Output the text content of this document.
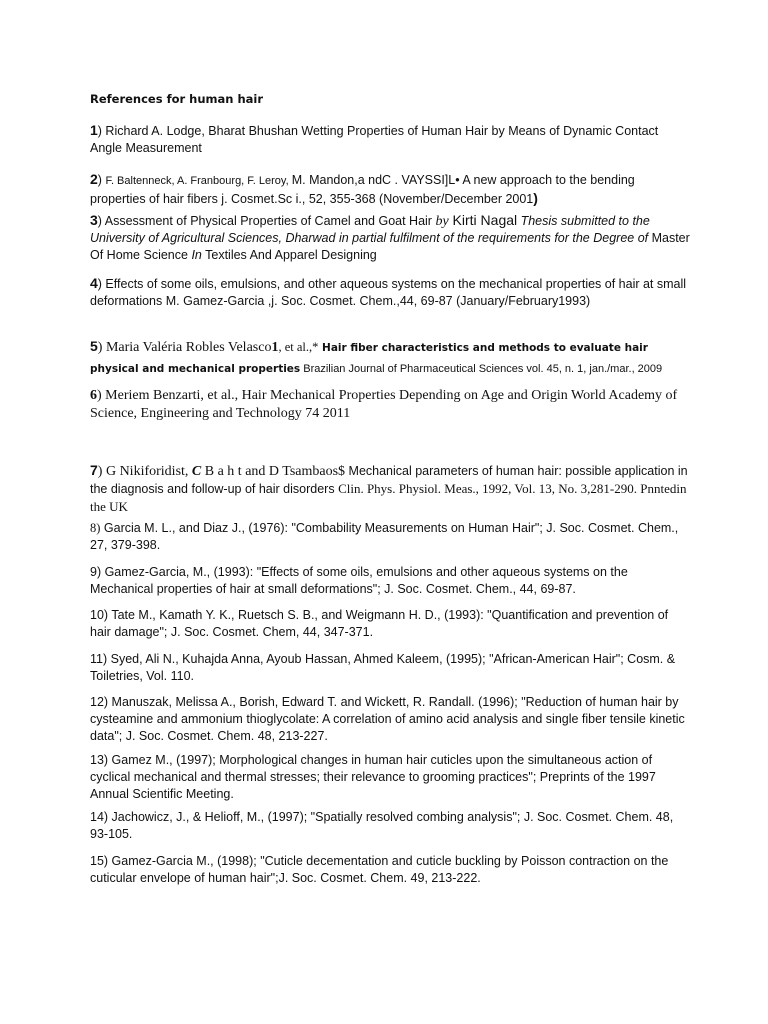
References for human hair
1) Richard A. Lodge, Bharat Bhushan Wetting Properties of Human Hair by Means of Dynamic Contact Angle Measurement
2) F. Baltenneck, A. Franbourg, F. Leroy, M. Mandon,a ndC . VAYSSI]L• A new approach to the bending properties of hair fibers j. Cosmet.Sc i., 52, 355-368 (November/December 2001)
3) Assessment of Physical Properties of Camel and Goat Hair by Kirti Nagal Thesis submitted to the University of Agricultural Sciences, Dharwad in partial fulfilment of the requirements for the Degree of Master Of Home Science In Textiles And Apparel Designing
4) Effects of some oils, emulsions, and other aqueous systems on the mechanical properties of hair at small deformations M. Gamez-Garcia ,j. Soc. Cosmet. Chem.,44, 69-87 (January/February1993)
5) Maria Valéria Robles Velasco1, et al.,* Hair fiber characteristics and methods to evaluate hair physical and mechanical properties Brazilian Journal of Pharmaceutical Sciences vol. 45, n. 1, jan./mar., 2009
6) Meriem Benzarti, et al., Hair Mechanical Properties Depending on Age and Origin World Academy of Science, Engineering and Technology 74 2011
7) G Nikiforidist, C B a h t and D Tsambaos$ Mechanical parameters of human hair: possible application in the diagnosis and follow-up of hair disorders Clin. Phys. Physiol. Meas., 1992, Vol. 13, No. 3,281-290. Pnntedin the UK
8) Garcia M. L., and Diaz J., (1976): "Combability Measurements on Human Hair"; J. Soc. Cosmet. Chem., 27, 379-398.
9) Gamez-Garcia, M., (1993): "Effects of some oils, emulsions and other aqueous systems on the Mechanical properties of hair at small deformations"; J. Soc. Cosmet. Chem., 44, 69-87.
10) Tate M., Kamath Y. K., Ruetsch S. B., and Weigmann H. D., (1993): "Quantification and prevention of hair damage"; J. Soc. Cosmet. Chem, 44, 347-371.
11) Syed, Ali N., Kuhajda Anna, Ayoub Hassan, Ahmed Kaleem, (1995); "African-American Hair"; Cosm. & Toiletries, Vol. 110.
12) Manuszak, Melissa A., Borish, Edward T. and Wickett, R. Randall. (1996); "Reduction of human hair by cysteamine and ammonium thioglycolate: A correlation of amino acid analysis and single fiber tensile kinetic data"; J. Soc. Cosmet. Chem. 48, 213-227.
13) Gamez M., (1997); Morphological changes in human hair cuticles upon the simultaneous action of cyclical mechanical and thermal stresses; their relevance to grooming practices"; Preprints of the 1997 Annual Scientific Meeting.
14) Jachowicz, J., & Helioff, M., (1997); "Spatially resolved combing analysis"; J. Soc. Cosmet. Chem. 48, 93-105.
15) Gamez-Garcia M., (1998); "Cuticle decementation and cuticle buckling by Poisson contraction on the cuticular envelope of human hair";J. Soc. Cosmet. Chem. 49, 213-222.
